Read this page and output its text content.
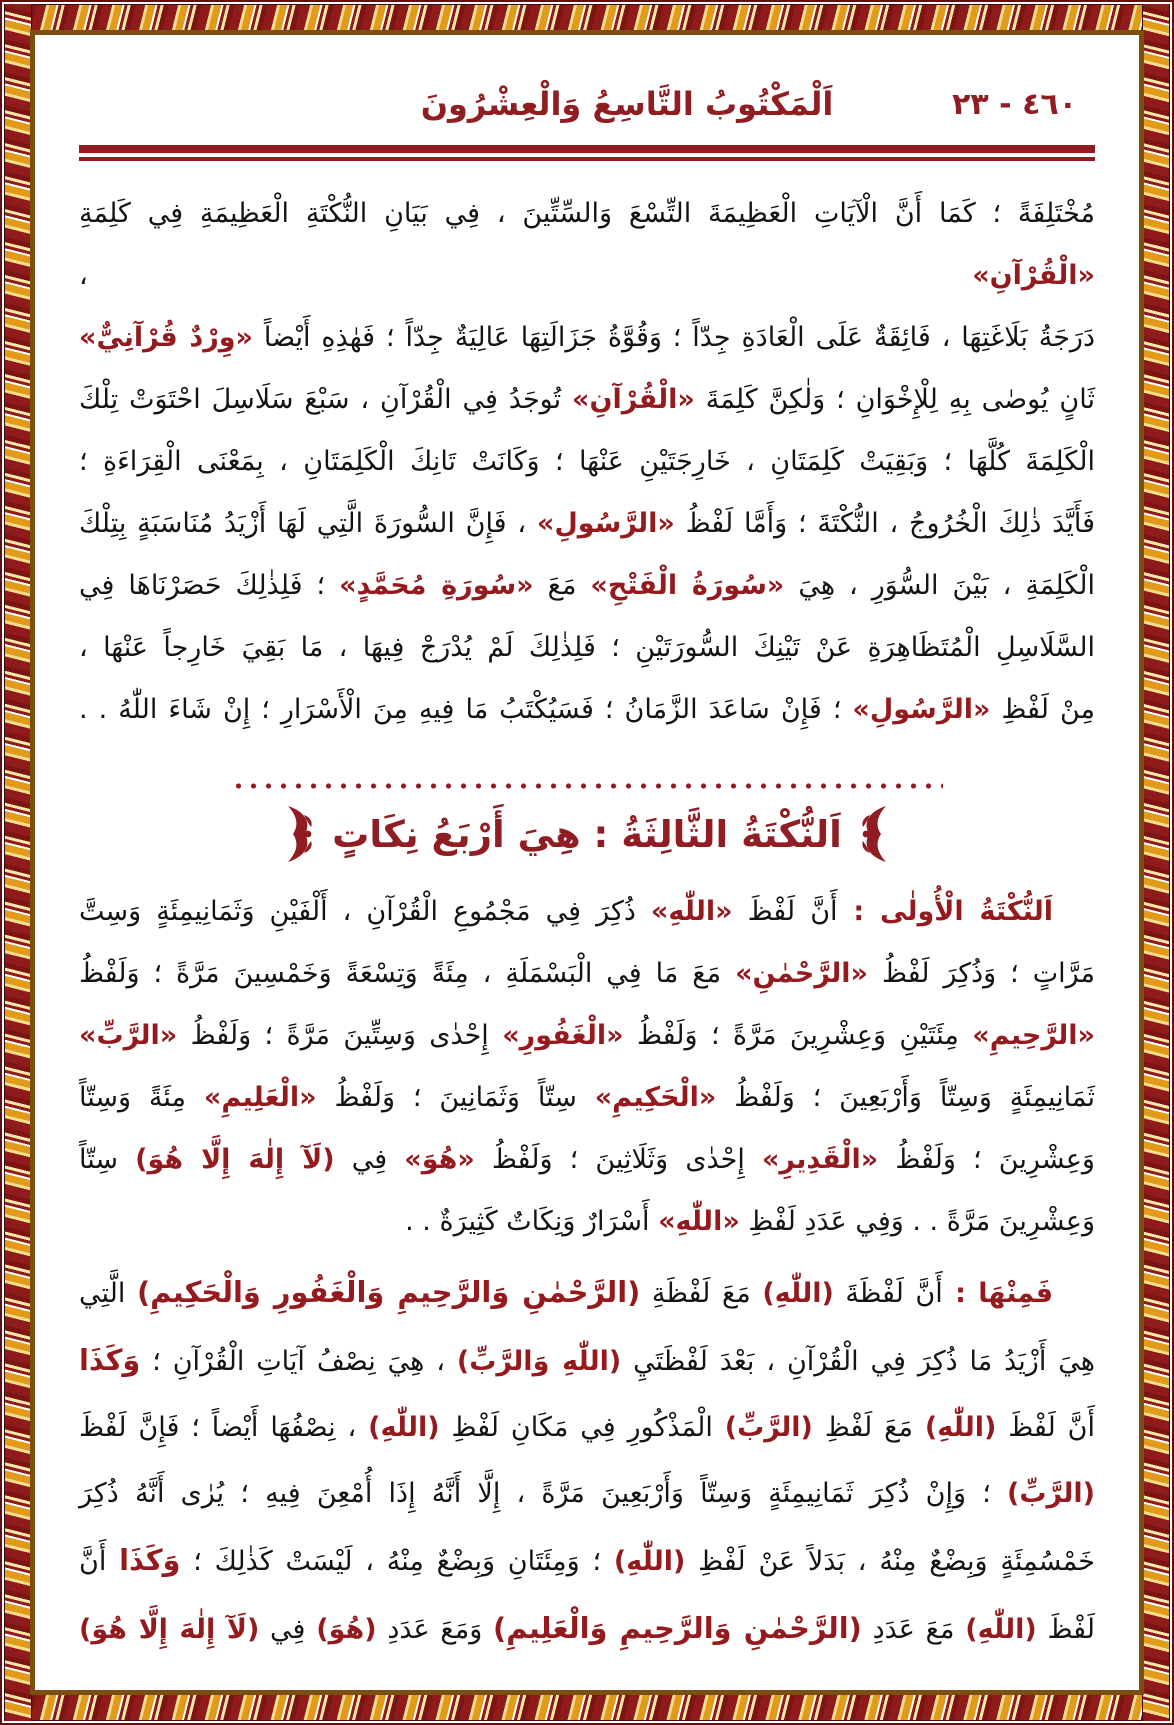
اَلْمَكْتُوبُ التَّاسِعُ وَالْعِشْرُونَ	٤٦٠ - ٢٣
مُخْتَلِفَةً ؛ كَمَا أَنَّ الْآيَاتِ الْعَظِيمَةَ التِّسْعَ وَالسِّتِّينَ ، فِي بَيَانِ النُّكْتَةِ الْعَظِيمَةِ فِي كَلِمَةِ «الْقُرْآنِ» ،
دَرَجَةُ بَلَاغَتِهَا ، فَائِقَةٌ عَلَى الْعَادَةِ جِدّاً ؛ وَقُوَّةُ جَزَالَتِهَا عَالِيَةٌ جِدّاً ؛ فَهٰذِهِ أَيْضاً «وِرْدٌ قُرْآنِيٌّ»
ثَانٍ يُوصٰى بِهِ لِلْإِخْوَانِ ؛ وَلٰكِنَّ كَلِمَةَ «الْقُرْآنِ» تُوجَدُ فِي الْقُرْآنِ ، سَبْعَ سَلَاسِلَ احْتَوَتْ تِلْكَ
الْكَلِمَةَ كُلَّهَا ؛ وَبَقِيَتْ كَلِمَتَانِ ، خَارِجَتَيْنِ عَنْهَا ؛ وَكَانَتْ تَانِكَ الْكَلِمَتَانِ ، بِمَعْنَى الْقِرَاءَةِ ؛
فَأَيَّدَ ذٰلِكَ الْخُرُوجُ ، النُّكْتَةَ ؛ وَأَمَّا لَفْظُ «الرَّسُولِ» ، فَإِنَّ السُّورَةَ الَّتِي لَهَا أَزْيَدُ مُنَاسَبَةٍ بِتِلْكَ
الْكَلِمَةِ ، بَيْنَ السُّوَرِ ، هِيَ «سُورَةُ الْفَتْحِ» مَعَ «سُورَةِ مُحَمَّدٍ» ؛ فَلِذٰلِكَ حَصَرْنَاهَا فِي
السَّلَاسِلِ الْمُتَظَاهِرَةِ عَنْ تَيْنِكَ السُّورَتَيْنِ ؛ فَلِذٰلِكَ لَمْ يُدْرَجْ فِيهَا ، مَا بَقِيَ خَارِجاً عَنْهَا ،
مِنْ لَفْظِ «الرَّسُولِ» ؛ فَإِنْ سَاعَدَ الزَّمَانُ ؛ فَسَيُكْتَبُ مَا فِيهِ مِنَ الْأَسْرَارِ ؛ إِنْ شَاءَ اللّٰهُ . .
اَلنُّكْتَةُ الثَّالِثَةُ : هِيَ أَرْبَعُ نِكَاتٍ
اَلنُّكْتَةُ الْأُولٰى : أَنَّ لَفْظَ «اللّٰهِ» ذُكِرَ فِي مَجْمُوعِ الْقُرْآنِ ، أَلْفَيْنِ وَثَمَانِيمِئَةٍ وَسِتَّ
مَرَّاتٍ ؛ وَذُكِرَ لَفْظُ «الرَّحْمٰنِ» مَعَ مَا فِي الْبَسْمَلَةِ ، مِئَةً وَتِسْعَةً وَخَمْسِينَ مَرَّةً ؛ وَلَفْظُ
«الرَّحِيمِ» مِئَتَيْنِ وَعِشْرِينَ مَرَّةً ؛ وَلَفْظُ «الْغَفُورِ» إِحْدٰى وَسِتِّينَ مَرَّةً ؛ وَلَفْظُ «الرَّبِّ»
ثَمَانِيمِئَةٍ وَسِتّاً وَأَرْبَعِينَ ؛ وَلَفْظُ «الْحَكِيمِ» سِتّاً وَثَمَانِينَ ؛ وَلَفْظُ «الْعَلِيمِ» مِئَةً وَسِتّاً
وَعِشْرِينَ ؛ وَلَفْظُ «الْقَدِيرِ» إِحْدٰى وَثَلَاثِينَ ؛ وَلَفْظُ «هُوَ» فِي (لَآ إِلٰهَ إِلَّا هُوَ) سِتّاً
وَعِشْرِينَ مَرَّةً . . وَفِي عَدَدِ لَفْظِ «اللّٰهِ» أَسْرَارٌ وَنِكَاتٌ كَثِيرَةٌ . .
فَمِنْهَا : أَنَّ لَفْظَةَ (اللّٰهِ) مَعَ لَفْظَةِ (الرَّحْمٰنِ وَالرَّحِيمِ وَالْغَفُورِ وَالْحَكِيمِ) الَّتِي
هِيَ أَزْيَدُ مَا ذُكِرَ فِي الْقُرْآنِ ، بَعْدَ لَفْظَتَيِ (اللّٰهِ وَالرَّبِّ) ، هِيَ نِصْفُ آيَاتِ الْقُرْآنِ ؛ وَكَذَا
أَنَّ لَفْظَ (اللّٰهِ) مَعَ لَفْظِ (الرَّبِّ) الْمَذْكُورِ فِي مَكَانِ لَفْظِ (اللّٰهِ) ، نِصْفُهَا أَيْضاً ؛ فَإِنَّ لَفْظَ
(الرَّبِّ) ؛ وَإِنْ ذُكِرَ ثَمَانِيمِئَةٍ وَسِتّاً وَأَرْبَعِينَ مَرَّةً ، إِلَّا أَنَّهُ إِذَا أُمْعِنَ فِيهِ ؛ يُرٰى أَنَّهُ ذُكِرَ
خَمْسُمِئَةٍ وَبِضْعٌ مِنْهُ ، بَدَلاً عَنْ لَفْظِ (اللّٰهِ) ؛ وَمِئَتَانِ وَبِضْعٌ مِنْهُ ، لَيْسَتْ كَذٰلِكَ ؛ وَكَذَا أَنَّ
لَفْظَ (اللّٰهِ) مَعَ عَدَدِ (الرَّحْمٰنِ وَالرَّحِيمِ وَالْعَلِيمِ) وَمَعَ عَدَدِ (هُوَ) فِي (لَآ إِلٰهَ إِلَّا هُوَ)
